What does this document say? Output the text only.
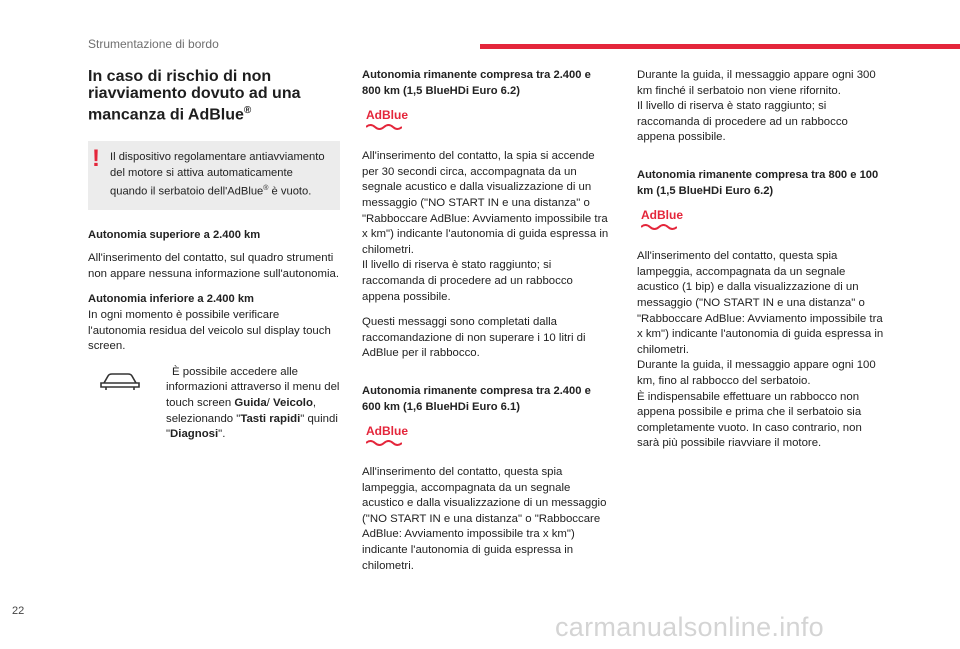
Strumentazione di bordo
In caso di rischio di non riavviamento dovuto ad una mancanza di AdBlue®
! Il dispositivo regolamentare antiavviamento del motore si attiva automaticamente quando il serbatoio dell'AdBlue® è vuoto.

Autonomia superiore a 2.400 km

All'inserimento del contatto, sul quadro strumenti non appare nessuna informazione sull'autonomia.

Autonomia inferiore a 2.400 km

In ogni momento è possibile verificare l'autonomia residua del veicolo sul display touch screen.

È possibile accedere alle informazioni attraverso il menu del touch screen Guida/ Veicolo, selezionando "Tasti rapidi" quindi "Diagnosi".

Autonomia rimanente compresa tra 2.400 e 800 km (1,5 BlueHDi Euro 6.2)

AdBlue

All'inserimento del contatto, la spia si accende per 30 secondi circa, accompagnata da un segnale acustico e dalla visualizzazione di un messaggio ("NO START IN e una distanza" o "Rabboccare AdBlue: Avviamento impossibile tra x km") indicante l'autonomia di guida espressa in chilometri.

Il livello di riserva è stato raggiunto; si raccomanda di procedere ad un rabbocco appena possibile.

Questi messaggi sono completati dalla raccomandazione di non superare i 10 litri di AdBlue per il rabbocco.

Autonomia rimanente compresa tra 2.400 e 600 km (1,6 BlueHDi Euro 6.1)

AdBlue

All'inserimento del contatto, questa spia lampeggia, accompagnata da un segnale acustico e dalla visualizzazione di un messaggio ("NO START IN e una distanza" o "Rabboccare AdBlue: Avviamento impossibile tra x km") indicante l'autonomia di guida espressa in chilometri.

Durante la guida, il messaggio appare ogni 300 km finché il serbatoio non viene rifornito.

Il livello di riserva è stato raggiunto; si raccomanda di procedere ad un rabbocco appena possibile.

Autonomia rimanente compresa tra 800 e 100 km (1,5 BlueHDi Euro 6.2)

AdBlue

All'inserimento del contatto, questa spia lampeggia, accompagnata da un segnale acustico (1 bip) e dalla visualizzazione di un messaggio ("NO START IN e una distanza" o "Rabboccare AdBlue: Avviamento impossibile tra x km") indicante l'autonomia di guida espressa in chilometri.

Durante la guida, il messaggio appare ogni 100 km, fino al rabbocco del serbatoio.

È indispensabile effettuare un rabbocco non appena possibile e prima che il serbatoio sia completamente vuoto. In caso contrario, non sarà più possibile riavviare il motore.

22
carmanualsonline.info
